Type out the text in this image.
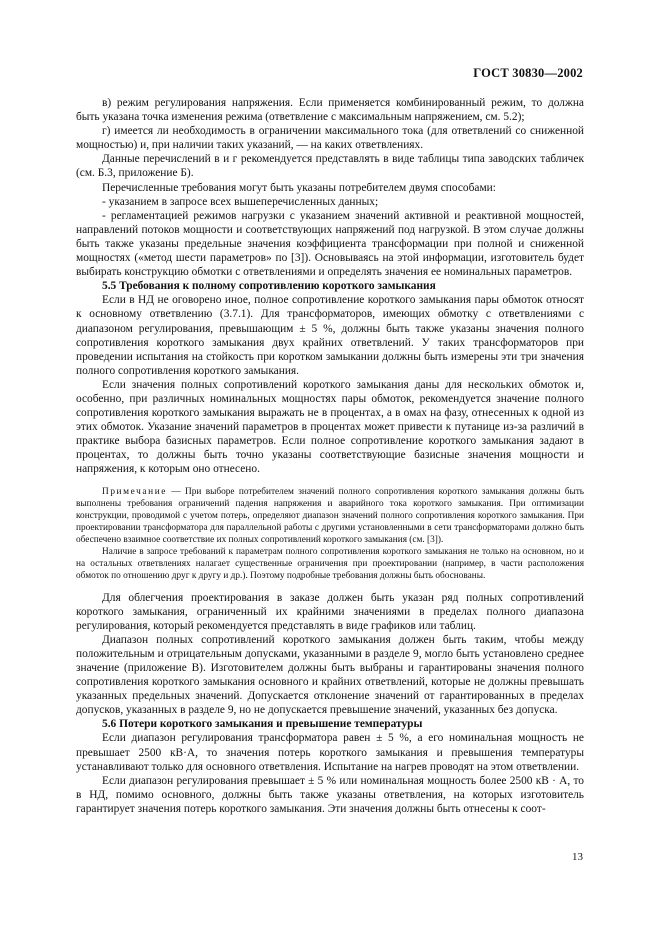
ГОСТ 30830—2002

в) режим регулирования напряжения. Если применяется комбинированный режим, то должна быть указана точка изменения режима (ответвление с максимальным напряжением, см. 5.2);

г) имеется ли необходимость в ограничении максимального тока (для ответвлений со сниженной мощностью) и, при наличии таких указаний, — на каких ответвлениях.

Данные перечислений в и г рекомендуется представлять в виде таблицы типа заводских табличек (см. Б.3, приложение Б).

Перечисленные требования могут быть указаны потребителем двумя способами:

- указанием в запросе всех вышеперечисленных данных;

- регламентацией режимов нагрузки с указанием значений активной и реактивной мощностей, направлений потоков мощности и соответствующих напряжений под нагрузкой. В этом случае должны быть также указаны предельные значения коэффициента трансформации при полной и сниженной мощностях («метод шести параметров» по [3]). Основываясь на этой информации, изготовитель будет выбирать конструкцию обмотки с ответвлениями и определять значения ее номинальных параметров.

5.5 Требования к полному сопротивлению короткого замыкания

Если в НД не оговорено иное, полное сопротивление короткого замыкания пары обмоток относят к основному ответвлению (3.7.1). Для трансформаторов, имеющих обмотку с ответвлениями с диапазоном регулирования, превышающим ± 5 %, должны быть также указаны значения полного сопротивления короткого замыкания двух крайних ответвлений. У таких трансформаторов при проведении испытания на стойкость при коротком замыкании должны быть измерены эти три значения полного сопротивления короткого замыкания.

Если значения полных сопротивлений короткого замыкания даны для нескольких обмоток и, особенно, при различных номинальных мощностях пары обмоток, рекомендуется значение полного сопротивления короткого замыкания выражать не в процентах, а в омах на фазу, отнесенных к одной из этих обмоток. Указание значений параметров в процентах может привести к путанице из-за различий в практике выбора базисных параметров. Если полное сопротивление короткого замыкания задают в процентах, то должны быть точно указаны соответствующие базисные значения мощности и напряжения, к которым оно отнесено.

Примечание — При выборе потребителем значений полного сопротивления короткого замыкания должны быть выполнены требования ограничений падения напряжения и аварийного тока короткого замыкания. При оптимизации конструкции, проводимой с учетом потерь, определяют диапазон значений полного сопротивления короткого замыкания. При проектировании трансформатора для параллельной работы с другими установленными в сети трансформаторами должно быть обеспечено взаимное соответствие их полных сопротивлений короткого замыкания (см. [3]).

Наличие в запросе требований к параметрам полного сопротивления короткого замыкания не только на основном, но и на остальных ответвлениях налагает существенные ограничения при проектировании (например, в части расположения обмоток по отношению друг к другу и др.). Поэтому подробные требования должны быть обоснованы.

Для облегчения проектирования в заказе должен быть указан ряд полных сопротивлений короткого замыкания, ограниченный их крайними значениями в пределах полного диапазона регулирования, который рекомендуется представлять в виде графиков или таблиц.

Диапазон полных сопротивлений короткого замыкания должен быть таким, чтобы между положительным и отрицательным допусками, указанными в разделе 9, могло быть установлено среднее значение (приложение В). Изготовителем должны быть выбраны и гарантированы значения полного сопротивления короткого замыкания основного и крайних ответвлений, которые не должны превышать указанных предельных значений. Допускается отклонение значений от гарантированных в пределах допусков, указанных в разделе 9, но не допускается превышение значений, указанных без допуска.

5.6 Потери короткого замыкания и превышение температуры

Если диапазон регулирования трансформатора равен ± 5 %, а его номинальная мощность не превышает 2500 кВ·А, то значения потерь короткого замыкания и превышения температуры устанавливают только для основного ответвления. Испытание на нагрев проводят на этом ответвлении.

Если диапазон регулирования превышает ± 5 % или номинальная мощность более 2500 кВ · А, то в НД, помимо основного, должны быть также указаны ответвления, на которых изготовитель гарантирует значения потерь короткого замыкания. Эти значения должны быть отнесены к соот-

13
